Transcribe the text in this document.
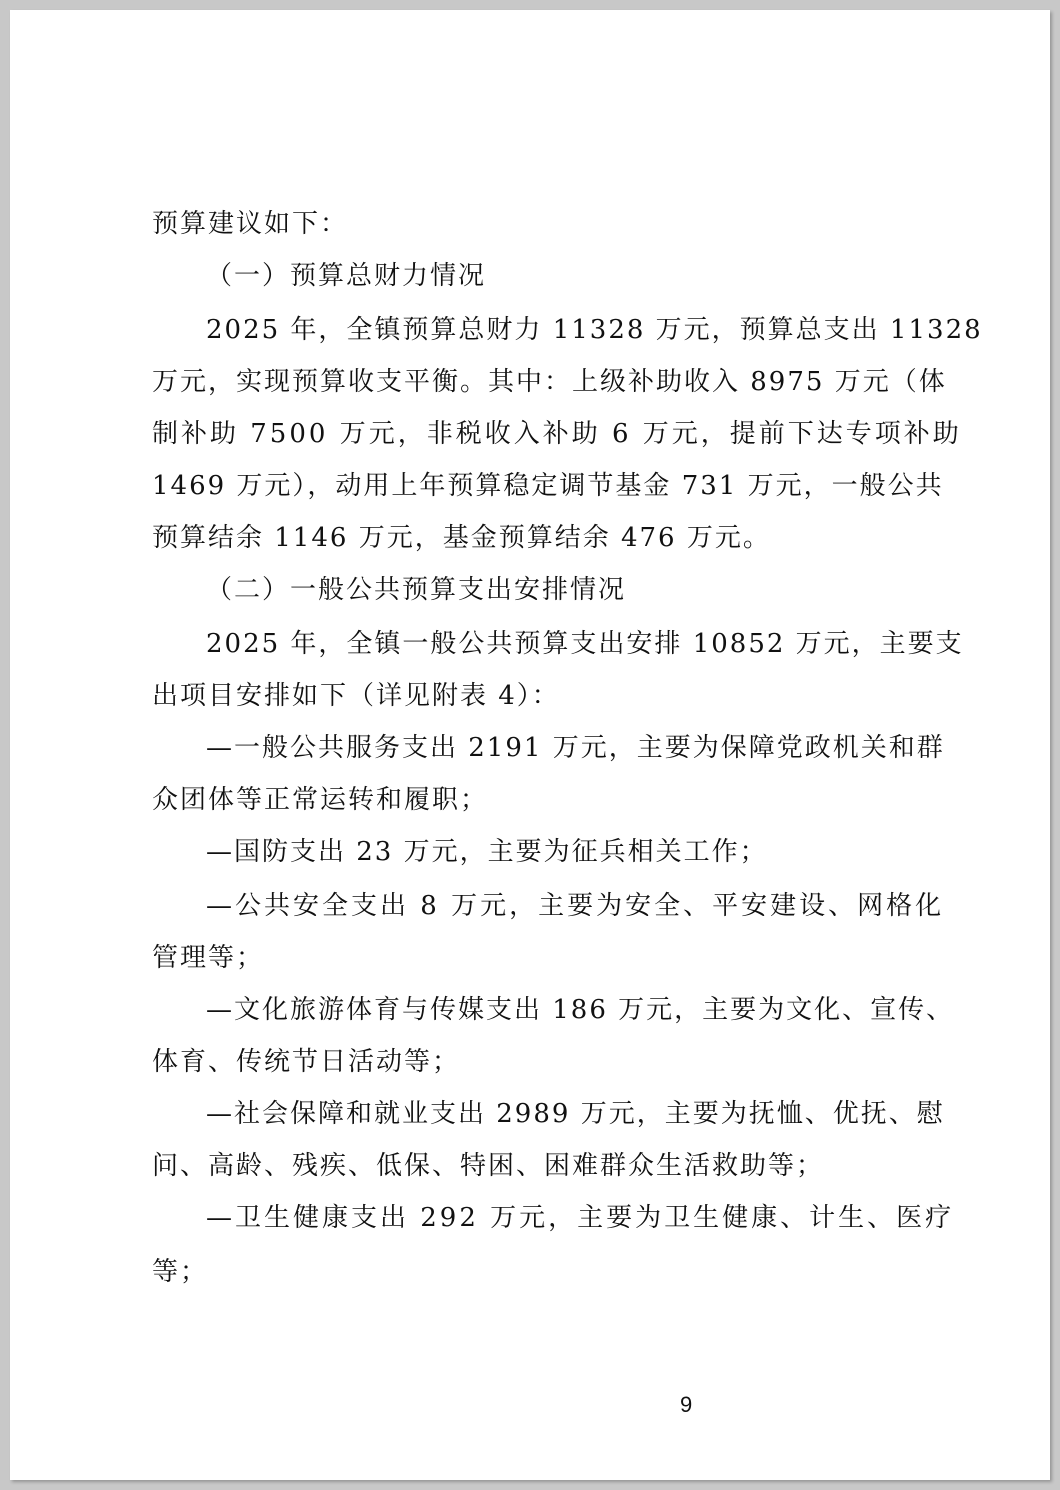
预算建议如下：
（一）预算总财力情况
2025 年，全镇预算总财力 11328 万元，预算总支出 11328
万元，实现预算收支平衡。其中：上级补助收入 8975 万元（体
制补助 7500 万元，非税收入补助 6 万元，提前下达专项补助
1469 万元），动用上年预算稳定调节基金 731 万元，一般公共
预算结余 1146 万元，基金预算结余 476 万元。
（二）一般公共预算支出安排情况
2025 年，全镇一般公共预算支出安排 10852 万元，主要支
出项目安排如下（详见附表 4）：
—一般公共服务支出 2191 万元，主要为保障党政机关和群
众团体等正常运转和履职；
—国防支出 23 万元，主要为征兵相关工作；
—公共安全支出 8 万元，主要为安全、平安建设、网格化
管理等；
—文化旅游体育与传媒支出 186 万元，主要为文化、宣传、
体育、传统节日活动等；
—社会保障和就业支出 2989 万元，主要为抚恤、优抚、慰
问、高龄、残疾、低保、特困、困难群众生活救助等；
—卫生健康支出 292 万元，主要为卫生健康、计生、医疗
等；
9
